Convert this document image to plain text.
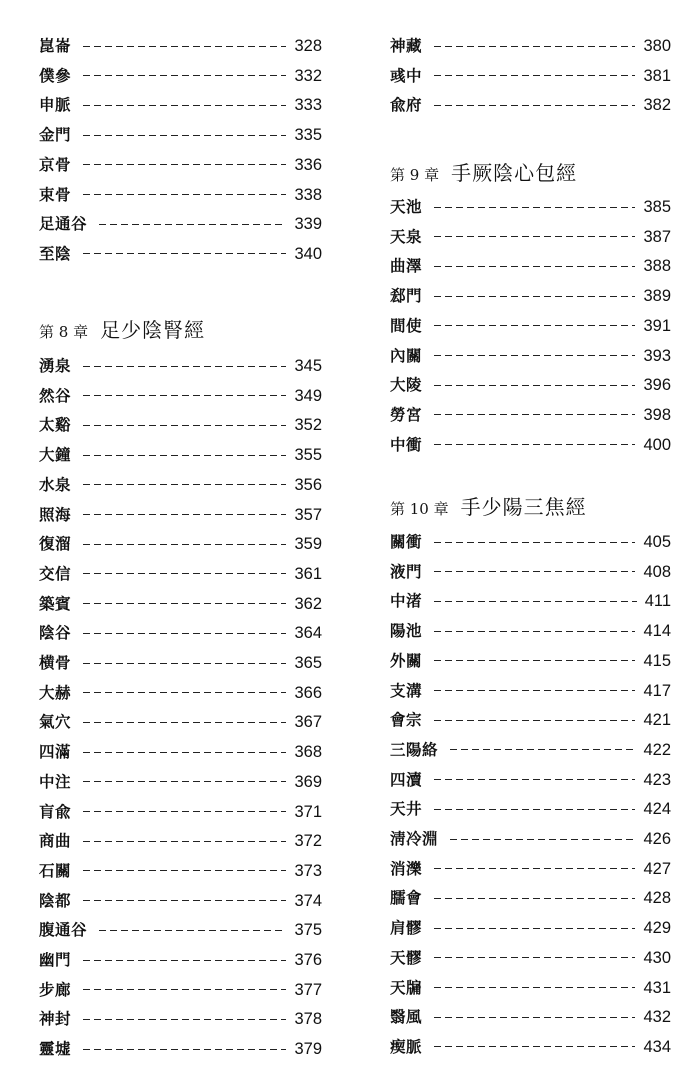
崑崙	328
僕參	332
申脈	333
金門	335
京骨	336
束骨	338
足通谷	339
至陰	340
第 8 章 足少陰腎經
湧泉	345
然谷	349
太谿	352
大鐘	355
水泉	356
照海	357
復溜	359
交信	361
築賓	362
陰谷	364
横骨	365
大赫	366
氣穴	367
四滿	368
中注	369
肓兪	371
商曲	372
石關	373
陰都	374
腹通谷	375
幽門	376
步廊	377
神封	378
靈墟	379
神藏	380
彧中	381
兪府	382
第 9 章 手厥陰心包經
天池	385
天泉	387
曲澤	388
郄門	389
間使	391
內關	393
大陵	396
勞宮	398
中衝	400
第 10 章 手少陽三焦經
關衝	405
液門	408
中渚	411
陽池	414
外關	415
支溝	417
會宗	421
三陽絡	422
四瀆	423
天井	424
淸冷淵	426
消濼	427
臑會	428
肩髎	429
天髎	430
天牖	431
翳風	432
瘈脈	434
